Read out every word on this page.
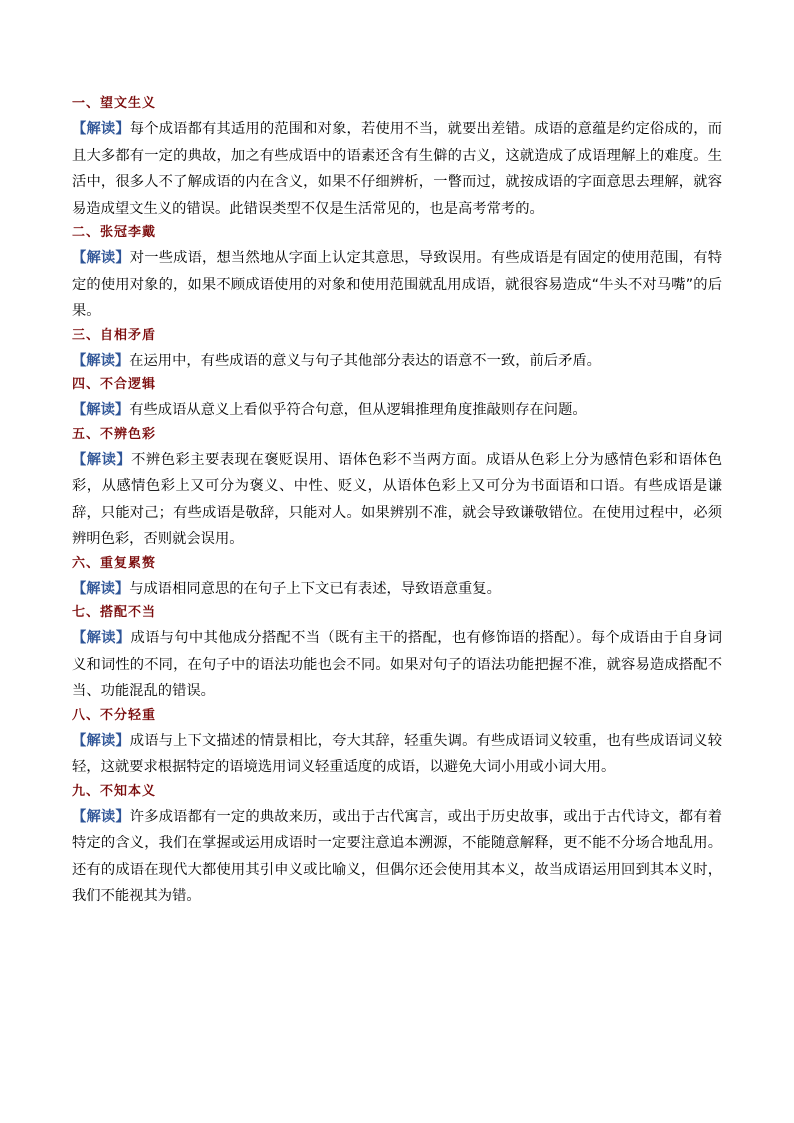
一、望文生义

【解读】每个成语都有其适用的范围和对象，若使用不当，就要出差错。成语的意蕴是约定俗成的，而且大多都有一定的典故，加之有些成语中的语素还含有生僻的古义，这就造成了成语理解上的难度。生活中，很多人不了解成语的内在含义，如果不仔细辨析，一瞥而过，就按成语的字面意思去理解，就容易造成望文生义的错误。此错误类型不仅是生活常见的，也是高考常考的。

二、张冠李戴

【解读】对一些成语，想当然地从字面上认定其意思，导致误用。有些成语是有固定的使用范围，有特定的使用对象的，如果不顾成语使用的对象和使用范围就乱用成语，就很容易造成“牛头不对马嘴”的后果。

三、自相矛盾

【解读】在运用中，有些成语的意义与句子其他部分表达的语意不一致，前后矛盾。

四、不合逻辑

【解读】有些成语从意义上看似乎符合句意，但从逻辑推理角度推敲则存在问题。

五、不辨色彩

【解读】不辨色彩主要表现在褒贬误用、语体色彩不当两方面。成语从色彩上分为感情色彩和语体色彩，从感情色彩上又可分为褒义、中性、贬义，从语体色彩上又可分为书面语和口语。有些成语是谦辞，只能对己；有些成语是敬辞，只能对人。如果辨别不准，就会导致谦敬错位。在使用过程中，必须辨明色彩，否则就会误用。

六、重复累赘

【解读】与成语相同意思的在句子上下文已有表述，导致语意重复。

七、搭配不当

【解读】成语与句中其他成分搭配不当（既有主干的搭配，也有修饰语的搭配）。每个成语由于自身词义和词性的不同，在句子中的语法功能也会不同。如果对句子的语法功能把握不准，就容易造成搭配不当、功能混乱的错误。

八、不分轻重

【解读】成语与上下文描述的情景相比，夸大其辞，轻重失调。有些成语词义较重，也有些成语词义较轻，这就要求根据特定的语境选用词义轻重适度的成语，以避免大词小用或小词大用。

九、不知本义

【解读】许多成语都有一定的典故来历，或出于古代寓言，或出于历史故事，或出于古代诗文，都有着特定的含义，我们在掌握或运用成语时一定要注意追本溯源，不能随意解释，更不能不分场合地乱用。还有的成语在现代大都使用其引申义或比喻义，但偶尔还会使用其本义，故当成语运用回到其本义时，我们不能视其为错。
